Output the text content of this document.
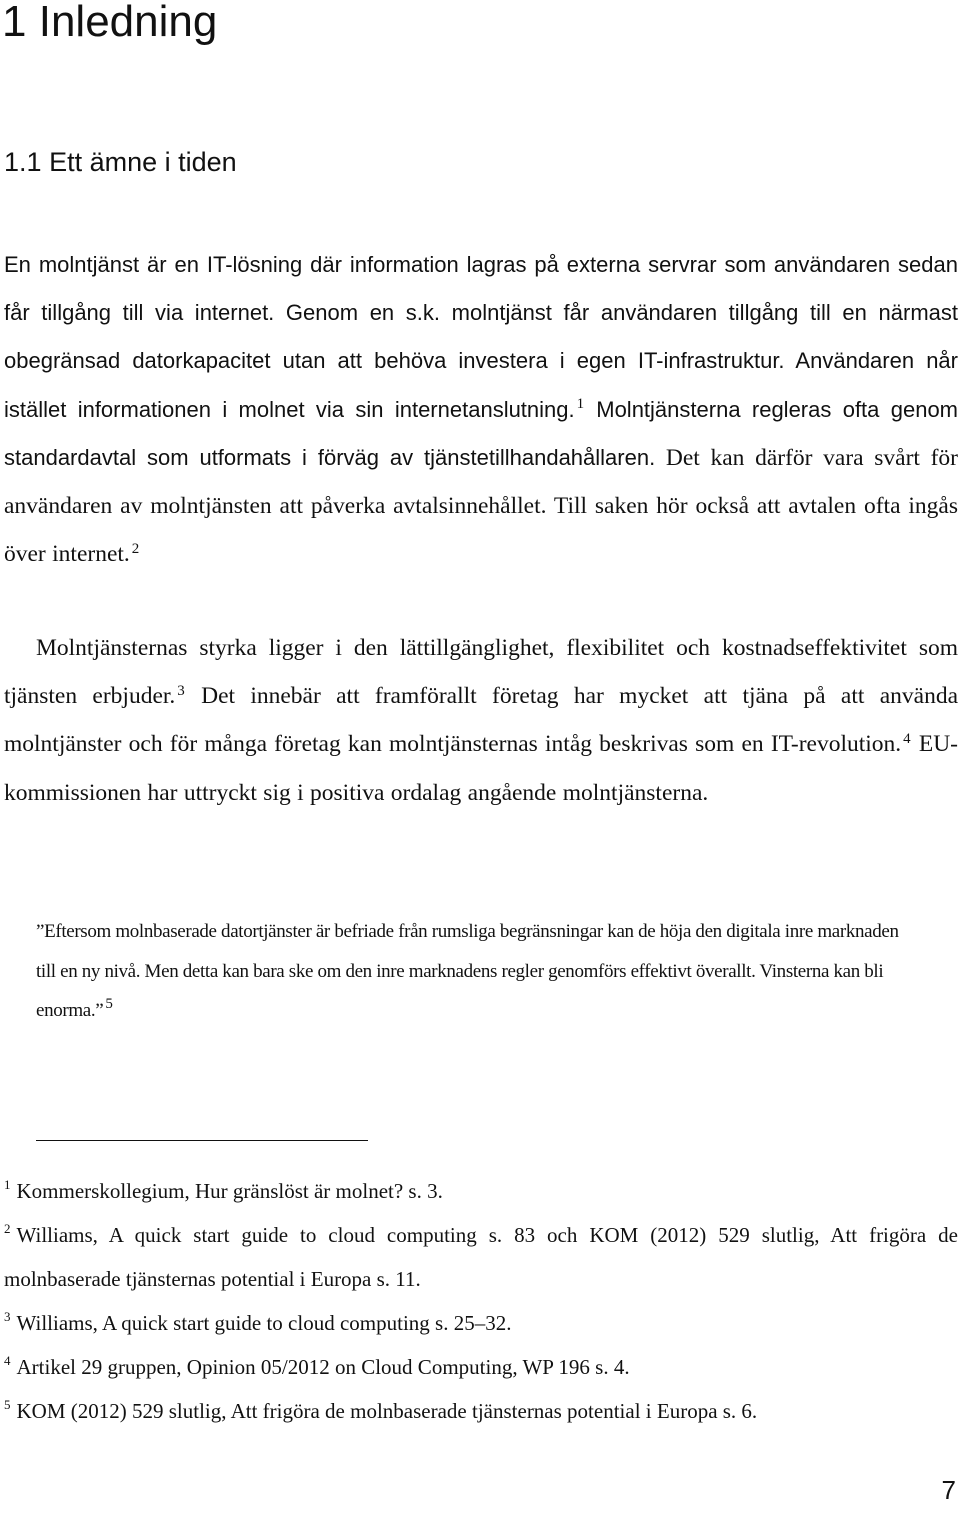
1 Inledning
1.1 Ett ämne i tiden

En molntjänst är en IT-lösning där information lagras på externa servrar som användaren sedan får tillgång till via internet. Genom en s.k. molntjänst får användaren tillgång till en närmast obegränsad datorkapacitet utan att behöva investera i egen IT-infrastruktur. Användaren når istället informationen i molnet via sin internetanslutning. $^1$ Molntjänsterna regleras ofta genom standardavtal som utformats i förväg av tjänstetillhandahållaren. Det kan därför vara svårt för användaren av molntjänsten att påverka avtalsinnehållet. Till saken hör också att avtalen ofta ingås över internet. $^2$

Molntjänsternas styrka ligger i den lättillgänglighet, flexibilitet och kostnadseffektivitet som tjänsten erbjuder. $^3$ Det innebär att framförallt företag har mycket att tjäna på att använda molntjänster och för många företag kan molntjänsternas intåg beskrivas som en IT-revolution. $^4$ EU-kommissionen har uttryckt sig i positiva ordalag angående molntjänsterna.

”Eftersom molnbaserade datortjänster är befriade från rumsliga begränsningar kan de höja den digitala inre marknaden till en ny nivå. Men detta kan bara ske om den inre marknadens regler genomförs effektivt överallt. Vinsterna kan bli enorma.” $^5$

$^1$ Kommerskollegium, Hur gränslöst är molnet? s. 3.

$^2$ Williams, A quick start guide to cloud computing s. 83 och KOM (2012) 529 slutlig, Att frigöra de molnbaserade tjänsternas potential i Europa s. 11.

$^3$ Williams, A quick start guide to cloud computing s. 25–32.

$^4$ Artikel 29 gruppen, Opinion 05/2012 on Cloud Computing, WP 196 s. 4.

$^5$ KOM (2012) 529 slutlig, Att frigöra de molnbaserade tjänsternas potential i Europa s. 6.

7
